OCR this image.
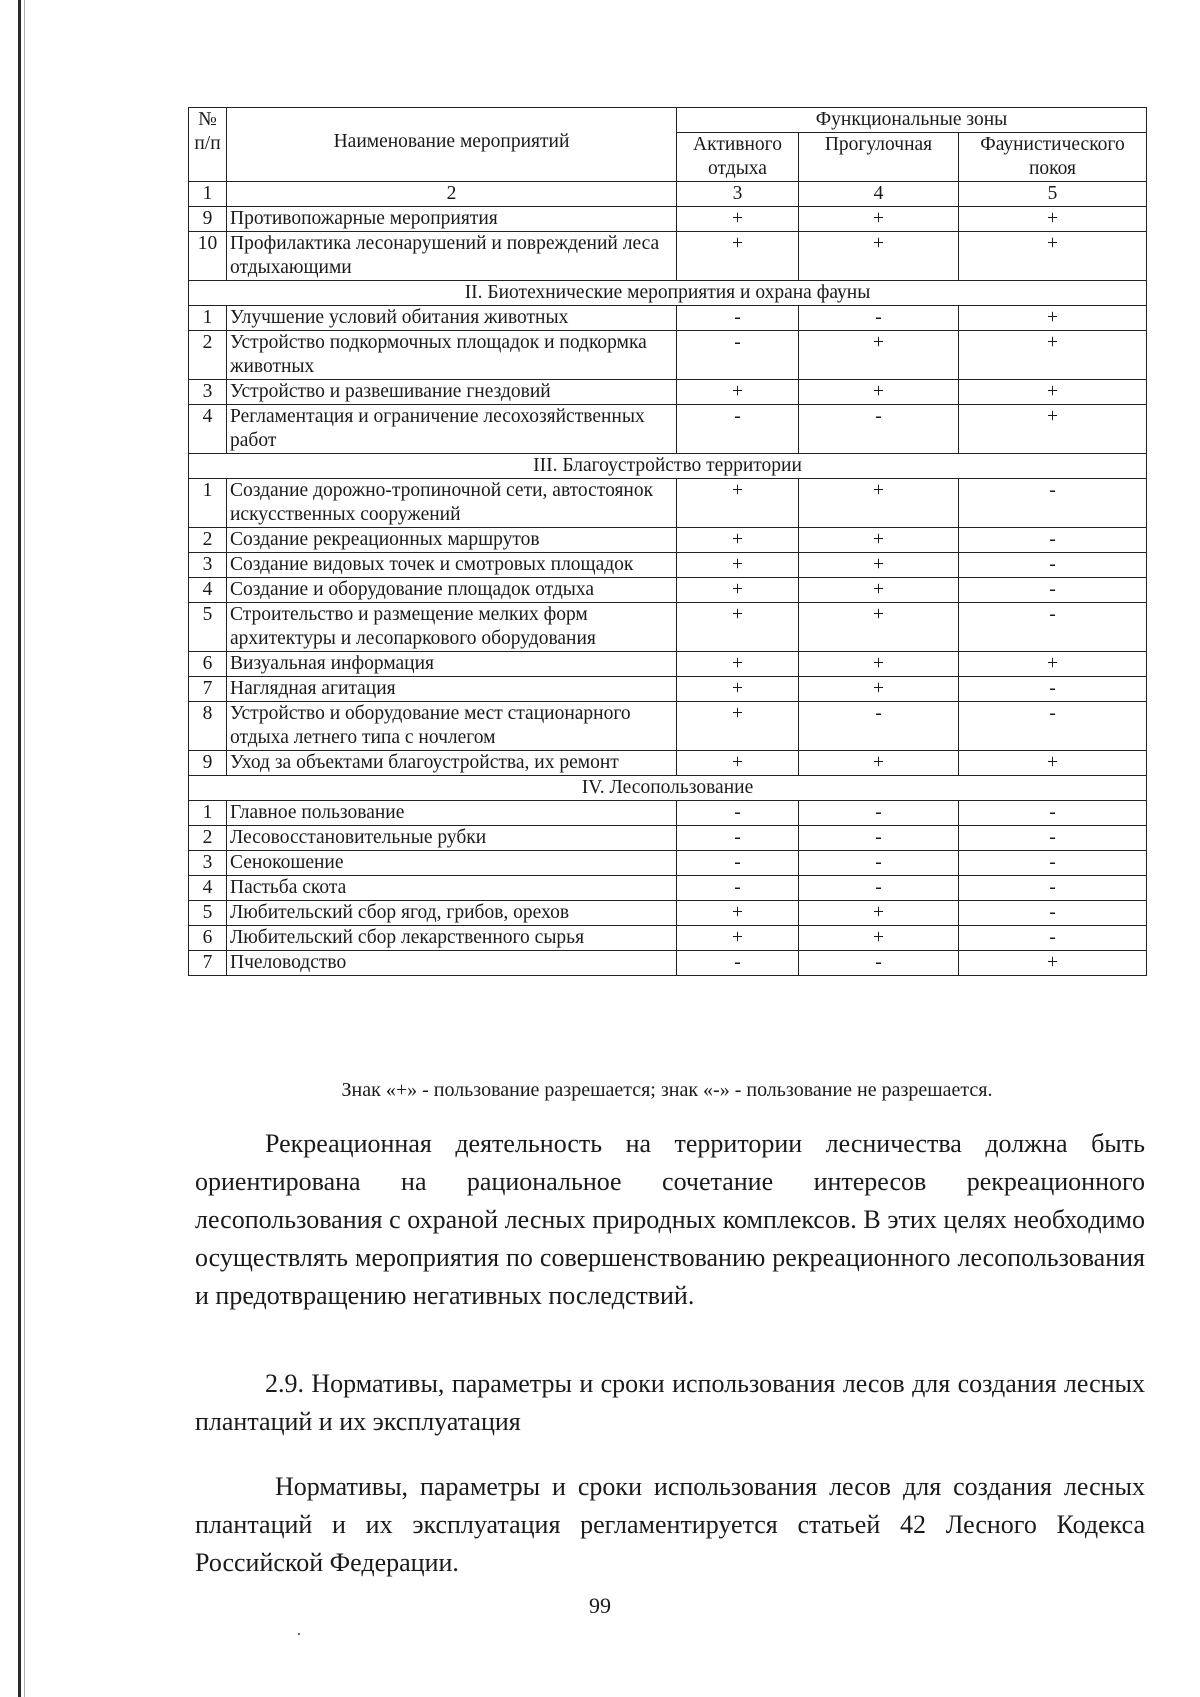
№ п/п	Наименование мероприятий	Функциональные зоны		
		Активного отдыха	Прогулочная	Фаунистического покоя
1	2	3	4	5
9	Противопожарные мероприятия	+	+	+
10	Профилактика лесонарушений и повреждений леса отдыхающими	+	+	+
II. Биотехнические мероприятия и охрана фауны				
1	Улучшение условий обитания животных	-	-	+
2	Устройство подкормочных площадок и подкормка животных	-	+	+
3	Устройство и развешивание гнездовий	+	+	+
4	Регламентация и ограничение лесохозяйственных работ	-	-	+
III. Благоустройство территории				
1	Создание дорожно-тропиночной сети, автостоянок искусственных сооружений	+	+	-
2	Создание рекреационных маршрутов	+	+	-
3	Создание видовых точек и смотровых площадок	+	+	-
4	Создание и оборудование площадок отдыха	+	+	-
5	Строительство и размещение мелких форм архитектуры и лесопаркового оборудования	+	+	-
6	Визуальная информация	+	+	+
7	Наглядная агитация	+	+	-
8	Устройство и оборудование мест стационарного отдыха летнего типа с ночлегом	+	-	-
9	Уход за объектами благоустройства, их ремонт	+	+	+
IV. Лесопользование				
1	Главное пользование	-	-	-
2	Лесовосстановительные рубки	-	-	-
3	Сенокошение	-	-	-
4	Пастьба скота	-	-	-
5	Любительский сбор ягод, грибов, орехов	+	+	-
6	Любительский сбор лекарственного сырья	+	+	-
7	Пчеловодство	-	-	+
Знак «+» - пользование разрешается; знак «-» - пользование не разрешается.
Рекреационная деятельность на территории лесничества должна быть ориентирована на рациональное сочетание интересов рекреационного лесопользования с охраной лесных природных комплексов. В этих целях необходимо осуществлять мероприятия по совершенствованию рекреационного лесопользования и предотвращению негативных последствий.
2.9. Нормативы, параметры и сроки использования лесов для создания лесных плантаций и их эксплуатация
Нормативы, параметры и сроки использования лесов для создания лесных плантаций и их эксплуатация регламентируется статьей 42 Лесного Кодекса Российской Федерации.
99
